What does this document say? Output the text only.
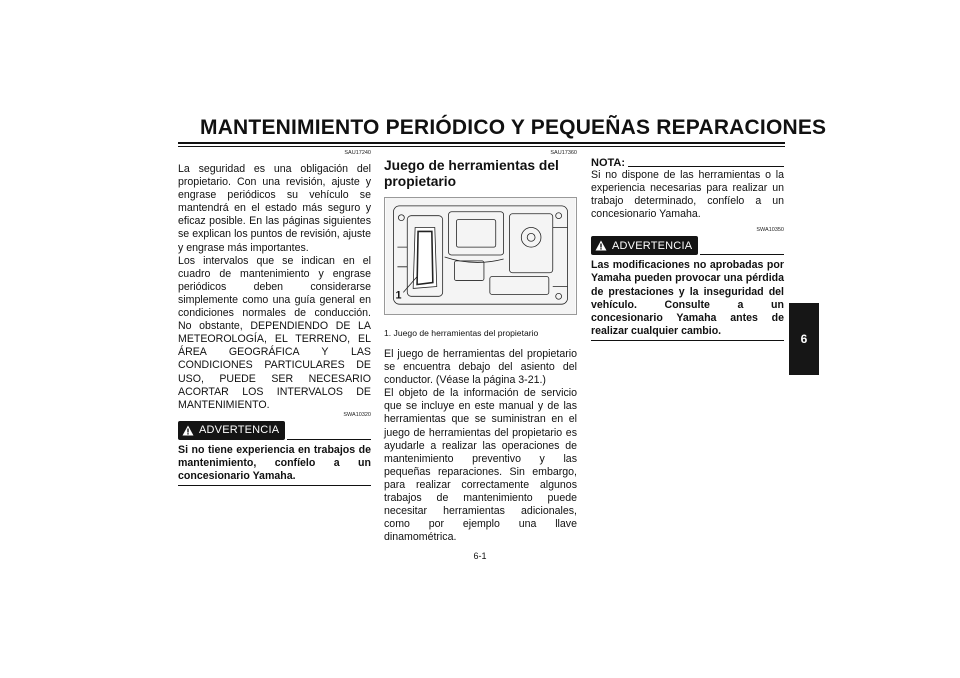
MANTENIMIENTO PERIÓDICO Y PEQUEÑAS REPARACIONES
SAU17240

La seguridad es una obligación del propietario. Con una revisión, ajuste y engrase periódicos su vehículo se mantendrá en el estado más seguro y eficaz posible. En las páginas siguientes se explican los puntos de revisión, ajuste y engrase más importantes.

Los intervalos que se indican en el cuadro de mantenimiento y engrase periódicos deben considerarse simplemente como una guía general en condiciones normales de conducción. No obstante, DEPENDIENDO DE LA METEOROLOGÍA, EL TERRENO, EL ÁREA GEOGRÁFICA Y LAS CONDICIONES PARTICULARES DE USO, PUEDE SER NECESARIO ACORTAR LOS INTERVALOS DE MANTENIMIENTO.

SWA10320
ADVERTENCIA

Si no tiene experiencia en trabajos de mantenimiento, confíelo a un concesionario Yamaha.

SAU17360
Juego de herramientas del propietario
1
1. Juego de herramientas del propietario

El juego de herramientas del propietario se encuentra debajo del asiento del conductor. (Véase la página 3-21.)

El objeto de la información de servicio que se incluye en este manual y de las herramientas que se suministran en el juego de herramientas del propietario es ayudarle a realizar las operaciones de mantenimiento preventivo y las pequeñas reparaciones. Sin embargo, para realizar correctamente algunos trabajos de mantenimiento puede necesitar herramientas adicionales, como por ejemplo una llave dinamométrica.

NOTA:

Si no dispone de las herramientas o la experiencia necesarias para realizar un trabajo determinado, confíelo a un concesionario Yamaha.

SWA10350
ADVERTENCIA

Las modificaciones no aprobadas por Yamaha pueden provocar una pérdida de prestaciones y la inseguridad del vehículo. Consulte a un concesionario Yamaha antes de realizar cualquier cambio.

6
6-1
